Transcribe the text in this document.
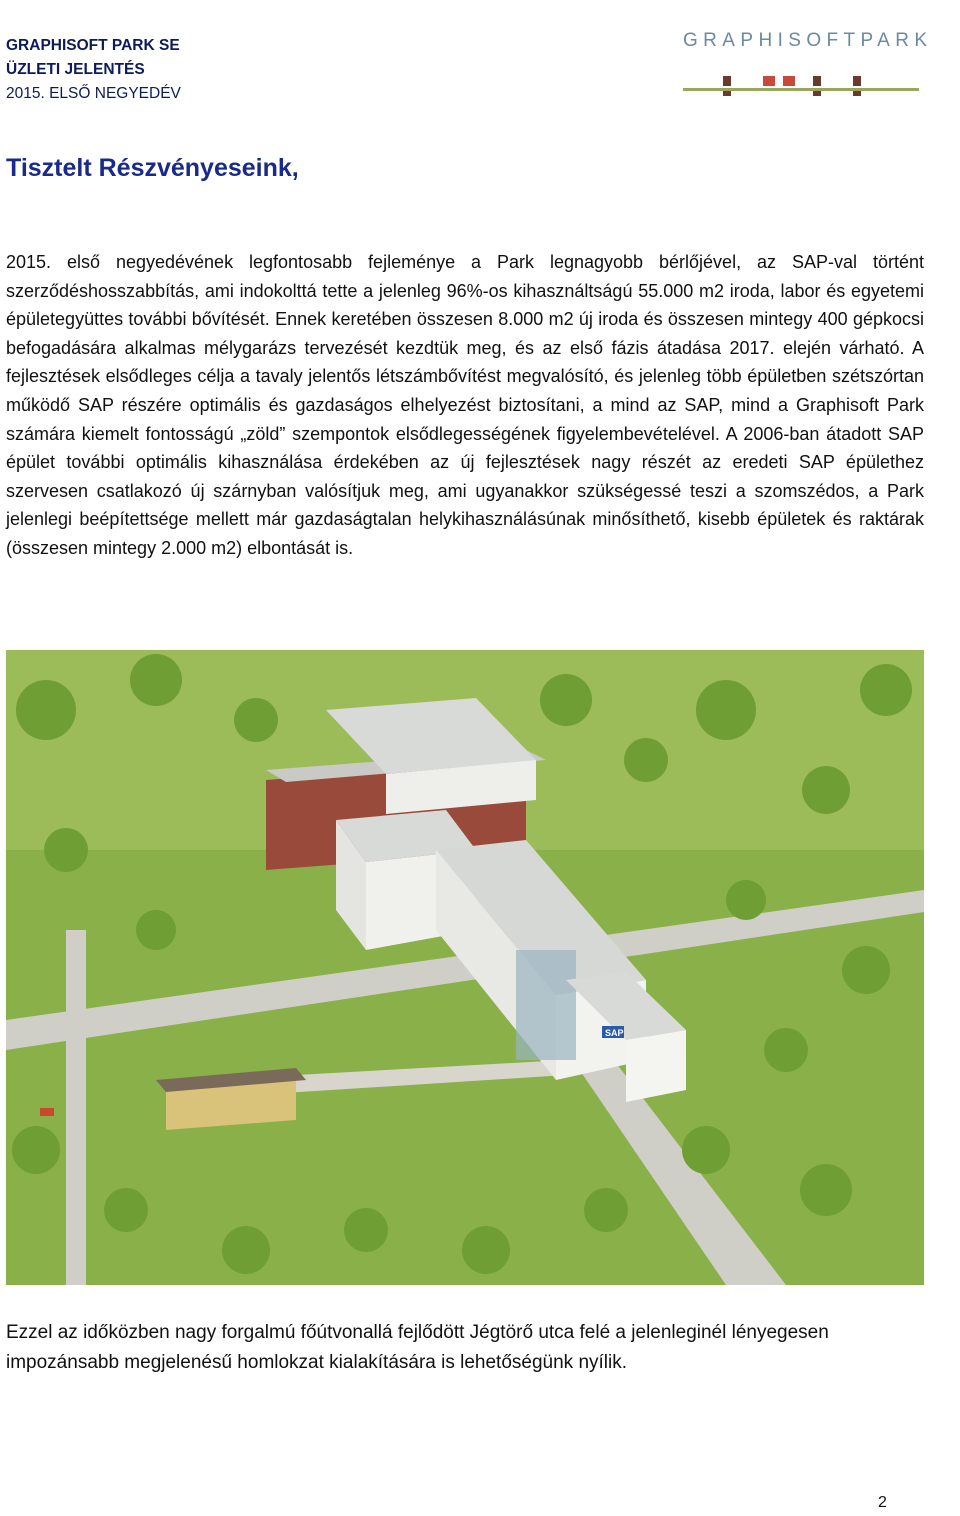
GRAPHISOFT PARK SE
ÜZLETI JELENTÉS
2015. ELSŐ NEGYEDÉV
GRAPHISOFTPARK
Tisztelt Részvényeseink,
2015. első negyedévének legfontosabb fejleménye a Park legnagyobb bérlőjével, az SAP-val történt szerződéshosszabbítás, ami indokolttá tette a jelenleg 96%-os kihasználtságú 55.000 m2 iroda, labor és egyetemi épületegyüttes további bővítését. Ennek keretében összesen 8.000 m2 új iroda és összesen mintegy 400 gépkocsi befogadására alkalmas mélygarázs tervezését kezdtük meg, és az első fázis átadása 2017. elején várható. A fejlesztések elsődleges célja a tavaly jelentős létszámbővítést megvalósító, és jelenleg több épületben szétszórtan működő SAP részére optimális és gazdaságos elhelyezést biztosítani, a mind az SAP, mind a Graphisoft Park számára kiemelt fontosságú „zöld” szempontok elsődlegességének figyelembevételével. A 2006-ban átadott SAP épület további optimális kihasználása érdekében az új fejlesztések nagy részét az eredeti SAP épülethez szervesen csatlakozó új szárnyban valósítjuk meg, ami ugyanakkor szükségessé teszi a szomszédos, a Park jelenlegi beépítettsége mellett már gazdaságtalan helykihasználásúnak minősíthető, kisebb épületek és raktárak (összesen mintegy 2.000 m2) elbontását is.
SAP
Ezzel az időközben nagy forgalmú főútvonallá fejlődött Jégtörő utca felé a jelenleginél lényegesen impozánsabb megjelenésű homlokzat kialakítására is lehetőségünk nyílik.
2
